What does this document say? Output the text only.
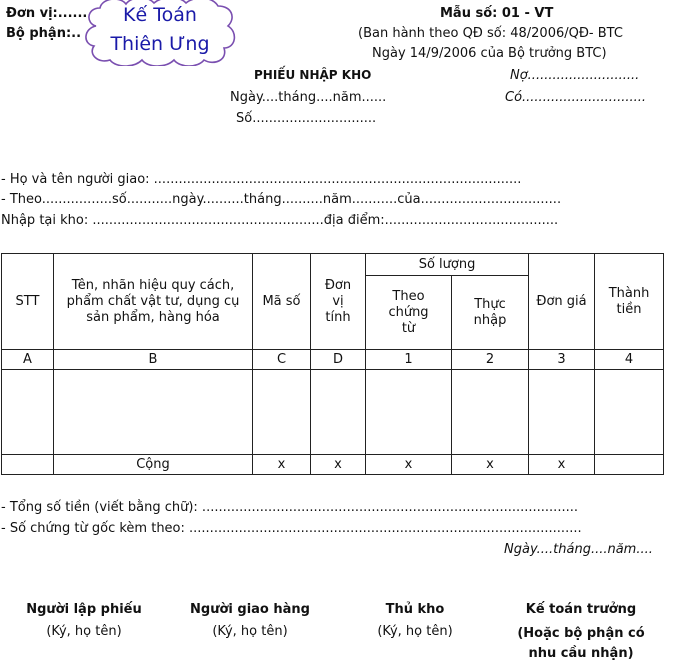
Đơn vị:......
Bộ phận:..
Kế Toán
Thiên Ưng
Mẫu số: 01 - VT
(Ban hành theo QĐ số: 48/2006/QĐ- BTC
Ngày 14/9/2006 của Bộ trưởng BTC)
PHIẾU NHẬP KHO
Ngày....tháng....năm......
Số..............................
Nợ...........................
Có..............................
- Họ và tên người giao: .........................................................................................
- Theo.................số...........ngày..........tháng..........năm...........của..................................
Nhập tại kho: ........................................................địa điểm:..........................................
STT	Tên, nhãn hiệu quy cách, phẩm chất vật tư, dụng cụ sản phẩm, hàng hóa	Mã số	Đơn vị tính	Số lượng		Đơn giá	Thành tiền
				Theo chứng từ	Thực nhập		
A	B	C	D	1	2	3	4

	Cộng	x	x	x	x	x	
- Tổng số tiền (viết bằng chữ): ...........................................................................................
- Số chứng từ gốc kèm theo: ...............................................................................................
Ngày....tháng....năm....
Người lập phiếu
(Ký, họ tên)
Người giao hàng
(Ký, họ tên)
Thủ kho
(Ký, họ tên)
Kế toán trưởng
(Hoặc bộ phận có nhu cầu nhận)
